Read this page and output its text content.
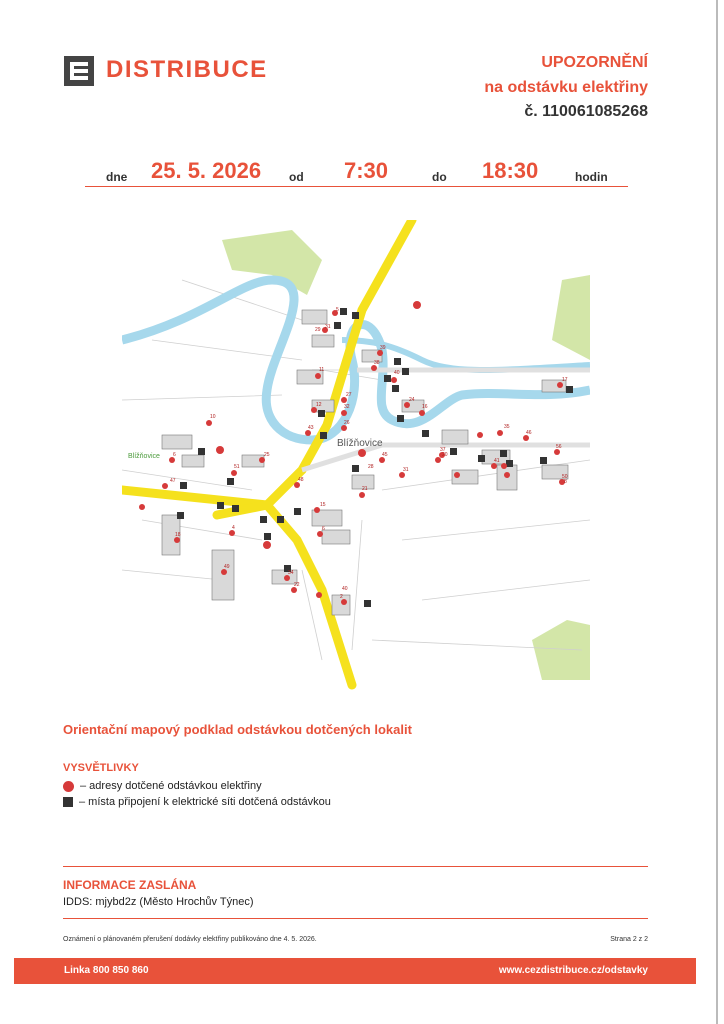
DISTRIBUCE	UPOZORNĚNÍ
na odstávku elektřiny
č. 110061085268
dne 25. 5. 2026 od 7:30	do 18:30	hodin
Blížňovice
Blížňovice
5
31
29
39
38
40
11
27
12	32
24
16
43
26
17
10
6
51
25	45
28
35
20
46
56
47	48
15
21
31
41
50
18
49
6
4
34
22
40
2
37
8
Orientační mapový podklad odstávkou dotčených lokalit
VYSVĚTLIVKY
– adresy dotčené odstávkou elektřiny
– místa připojení k elektrické síti dotčená odstávkou
INFORMACE ZASLÁNA
IDDS: mjybd2z (Město Hrochův Týnec)
Oznámení o plánovaném přerušení dodávky elektřiny publikováno dne 4. 5. 2026.	Strana 2 z 2
Linka 800 850 860	www.cezdistribuce.cz/odstavky
